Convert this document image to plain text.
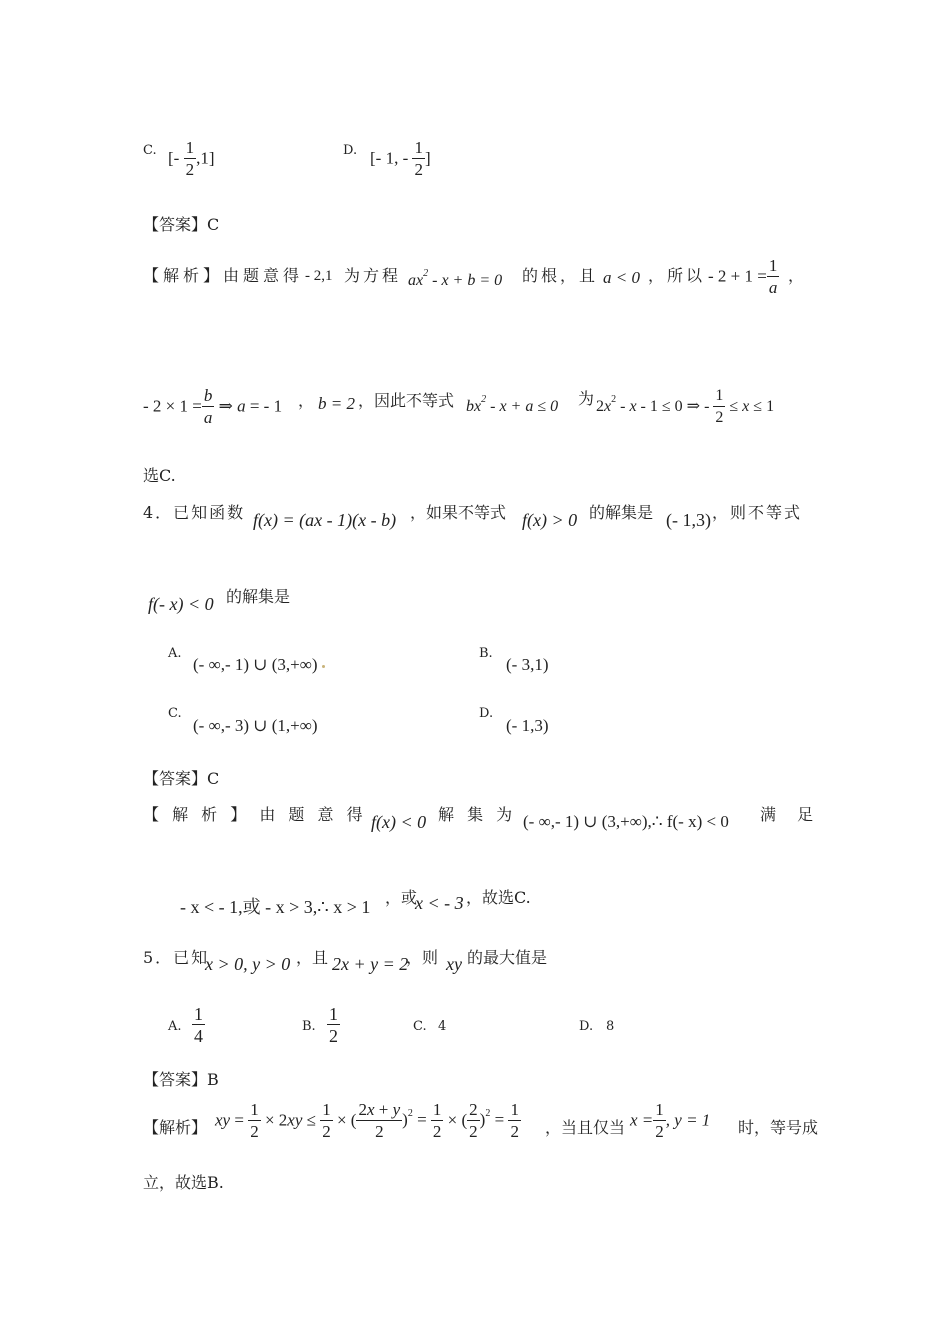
C. [- $\frac{1}{2} ,1$]	D. [- 1, - $\frac{1}{2}$ ]
【答案】C
【解析】由题意得 - 2,1 为方程 $ax^2 - x + b = 0$ 的根，且 a < 0 ，所以 - $2 + 1 = \frac{1}{a}$ ，
- $2 \times 1 = \frac{b}{a}$ ⇒ a = - 1 ， b = 2 ，因此不等式 $bx^2 - x + a \le 0$ 为 $2x^2 - x - 1 \le 0$ ⇒ - $\frac{1}{2} \le x \le 1$
选C.
4．已知函数 f(x) = (ax - 1)(x - b) ，如果不等式 f(x) > 0 的解集是 (- 1,3) ，则不等式
f(- x) < 0 的解集是
A.
(- ∞,- 1) ∪ (3,+∞)
B.
(- 3,1)
C.
(- ∞,- 3) ∪ (1,+∞)
D.
(- 1,3)
【答案】C
【 解 析 】 由 题 意 得 f(x) < 0 解 集 为 (- ∞,- 1) ∪ (3,+∞),∴ f(- x) < 0 满 足
- x < - 1,或 - x > 3,∴ x > 1 ，或
x < - 3 ，故选C.
5．已知
x > 0, y > 0 ，且 2x + y = 2
，则 xy 的最大值是
A. $\frac{1}{4}$	B. $\frac{1}{2}$	C. 4	D. 8
【答案】B
【解析】 xy = $\frac{1}{2} \times 2xy \le \frac{1}{2}$ × ( $\frac{2x + y}{2} )^2 = \frac{1}{2}$ × ( $\frac{2}{2} )^2 = \frac{1}{2}$ ，当且仅当 $x = \frac{1}{2}$ , y = 1 时，等号成
立，故选B.
